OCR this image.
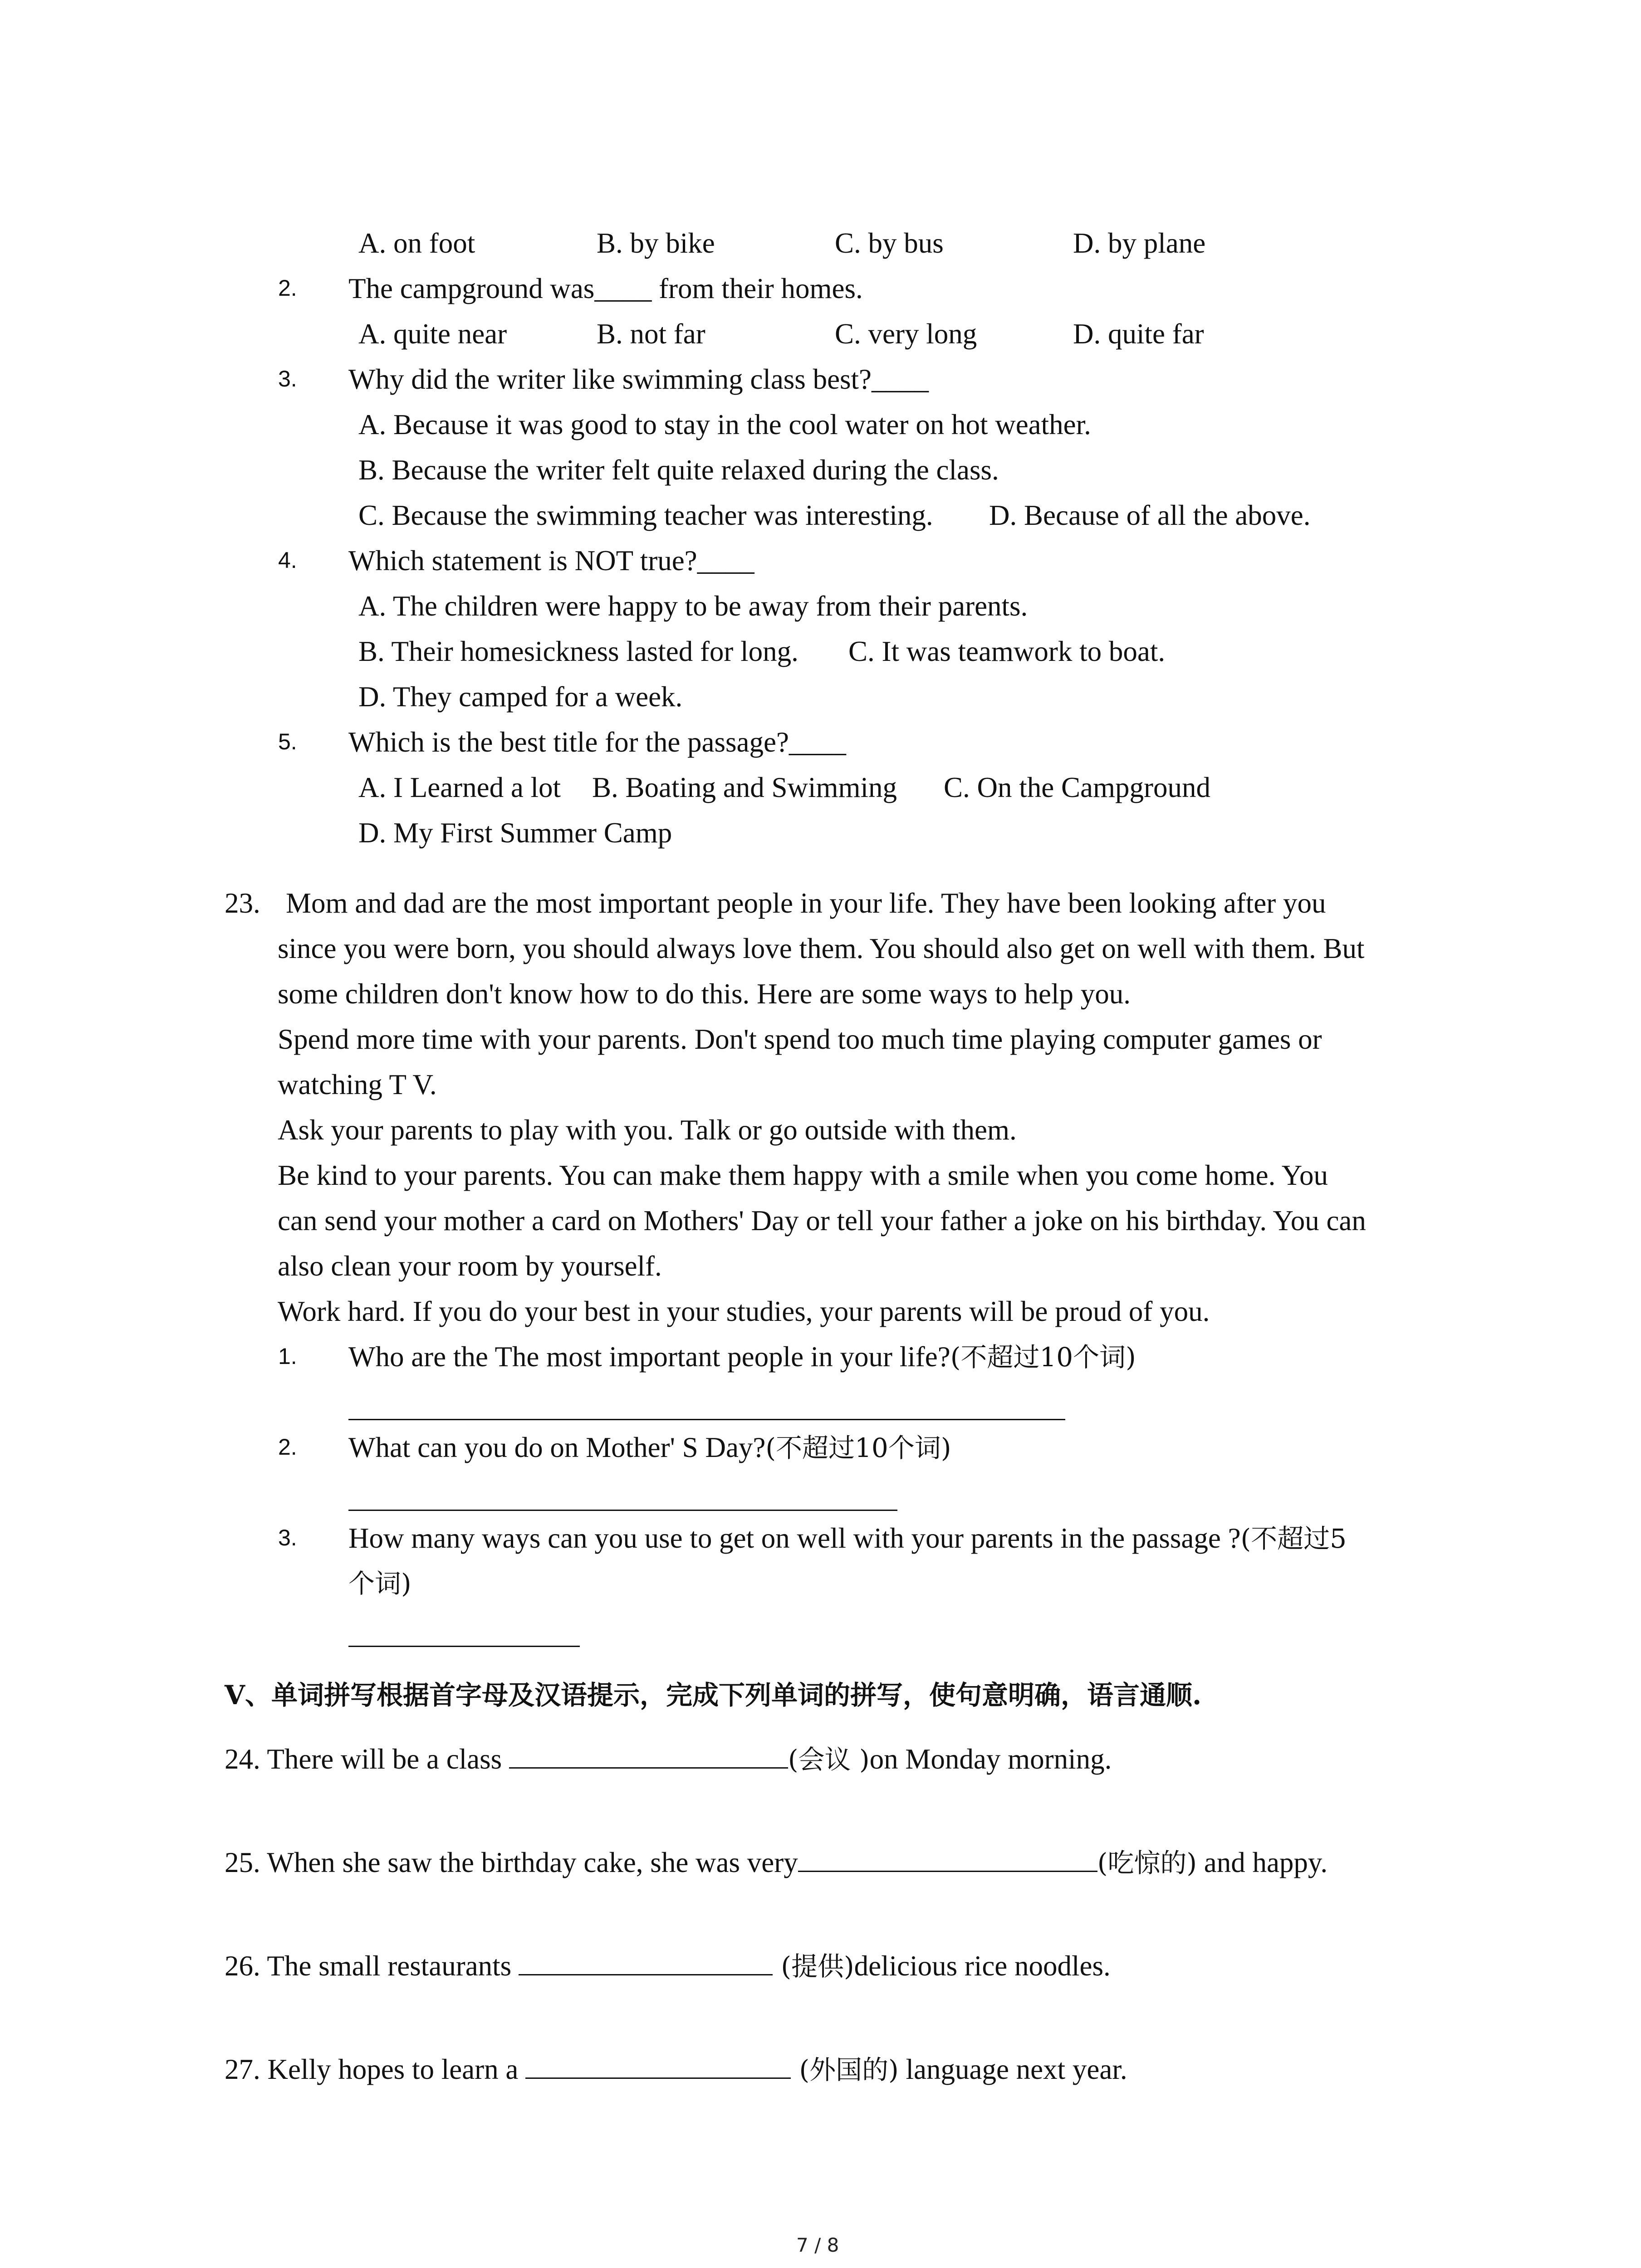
A. on foot	B. by bike	C. by bus	D. by plane
2. The campground was____ from their homes.
A. quite near	B. not far	C. very long	D. quite far
3. Why did the writer like swimming class best?____
A. Because it was good to stay in the cool water on hot weather.
B. Because the writer felt quite relaxed during the class.
C. Because the swimming teacher was interesting. D. Because of all the above.
4. Which statement is NOT true?____
A. The children were happy to be away from their parents.
B. Their homesickness lasted for long. C. It was teamwork to boat.
D. They camped for a week.
5. Which is the best title for the passage?____
A. I Learned a lot B. Boating and Swimming C. On the Campground
D. My First Summer Camp
23. Mom and dad are the most important people in your life. They have been looking after you
since you were born, you should always love them. You should also get on well with them. But
some children don't know how to do this. Here are some ways to help you.
Spend more time with your parents. Don't spend too much time playing computer games or
watching T V.
Ask your parents to play with you. Talk or go outside with them.
Be kind to your parents. You can make them happy with a smile when you come home. You
can send your mother a card on Mothers' Day or tell your father a joke on his birthday. You can
also clean your room by yourself.
Work hard. If you do your best in your studies, your parents will be proud of you.
1. Who are the The most important people in your life?(不超过10个词)
2. What can you do on Mother' S Day?(不超过10个词)
3. How many ways can you use to get on well with your parents in the passage ?(不超过5
个词)
Ⅴ、单词拼写根据首字母及汉语提示，完成下列单词的拼写，使句意明确，语言通顺.
24. There will be a class	(会议 )on Monday morning.
25. When she saw the birthday cake, she was very	(吃惊的) and happy.
26. The small restaurants	(提供)delicious rice noodles.
27. Kelly hopes to learn a	(外国的) language next year.
7 / 8
